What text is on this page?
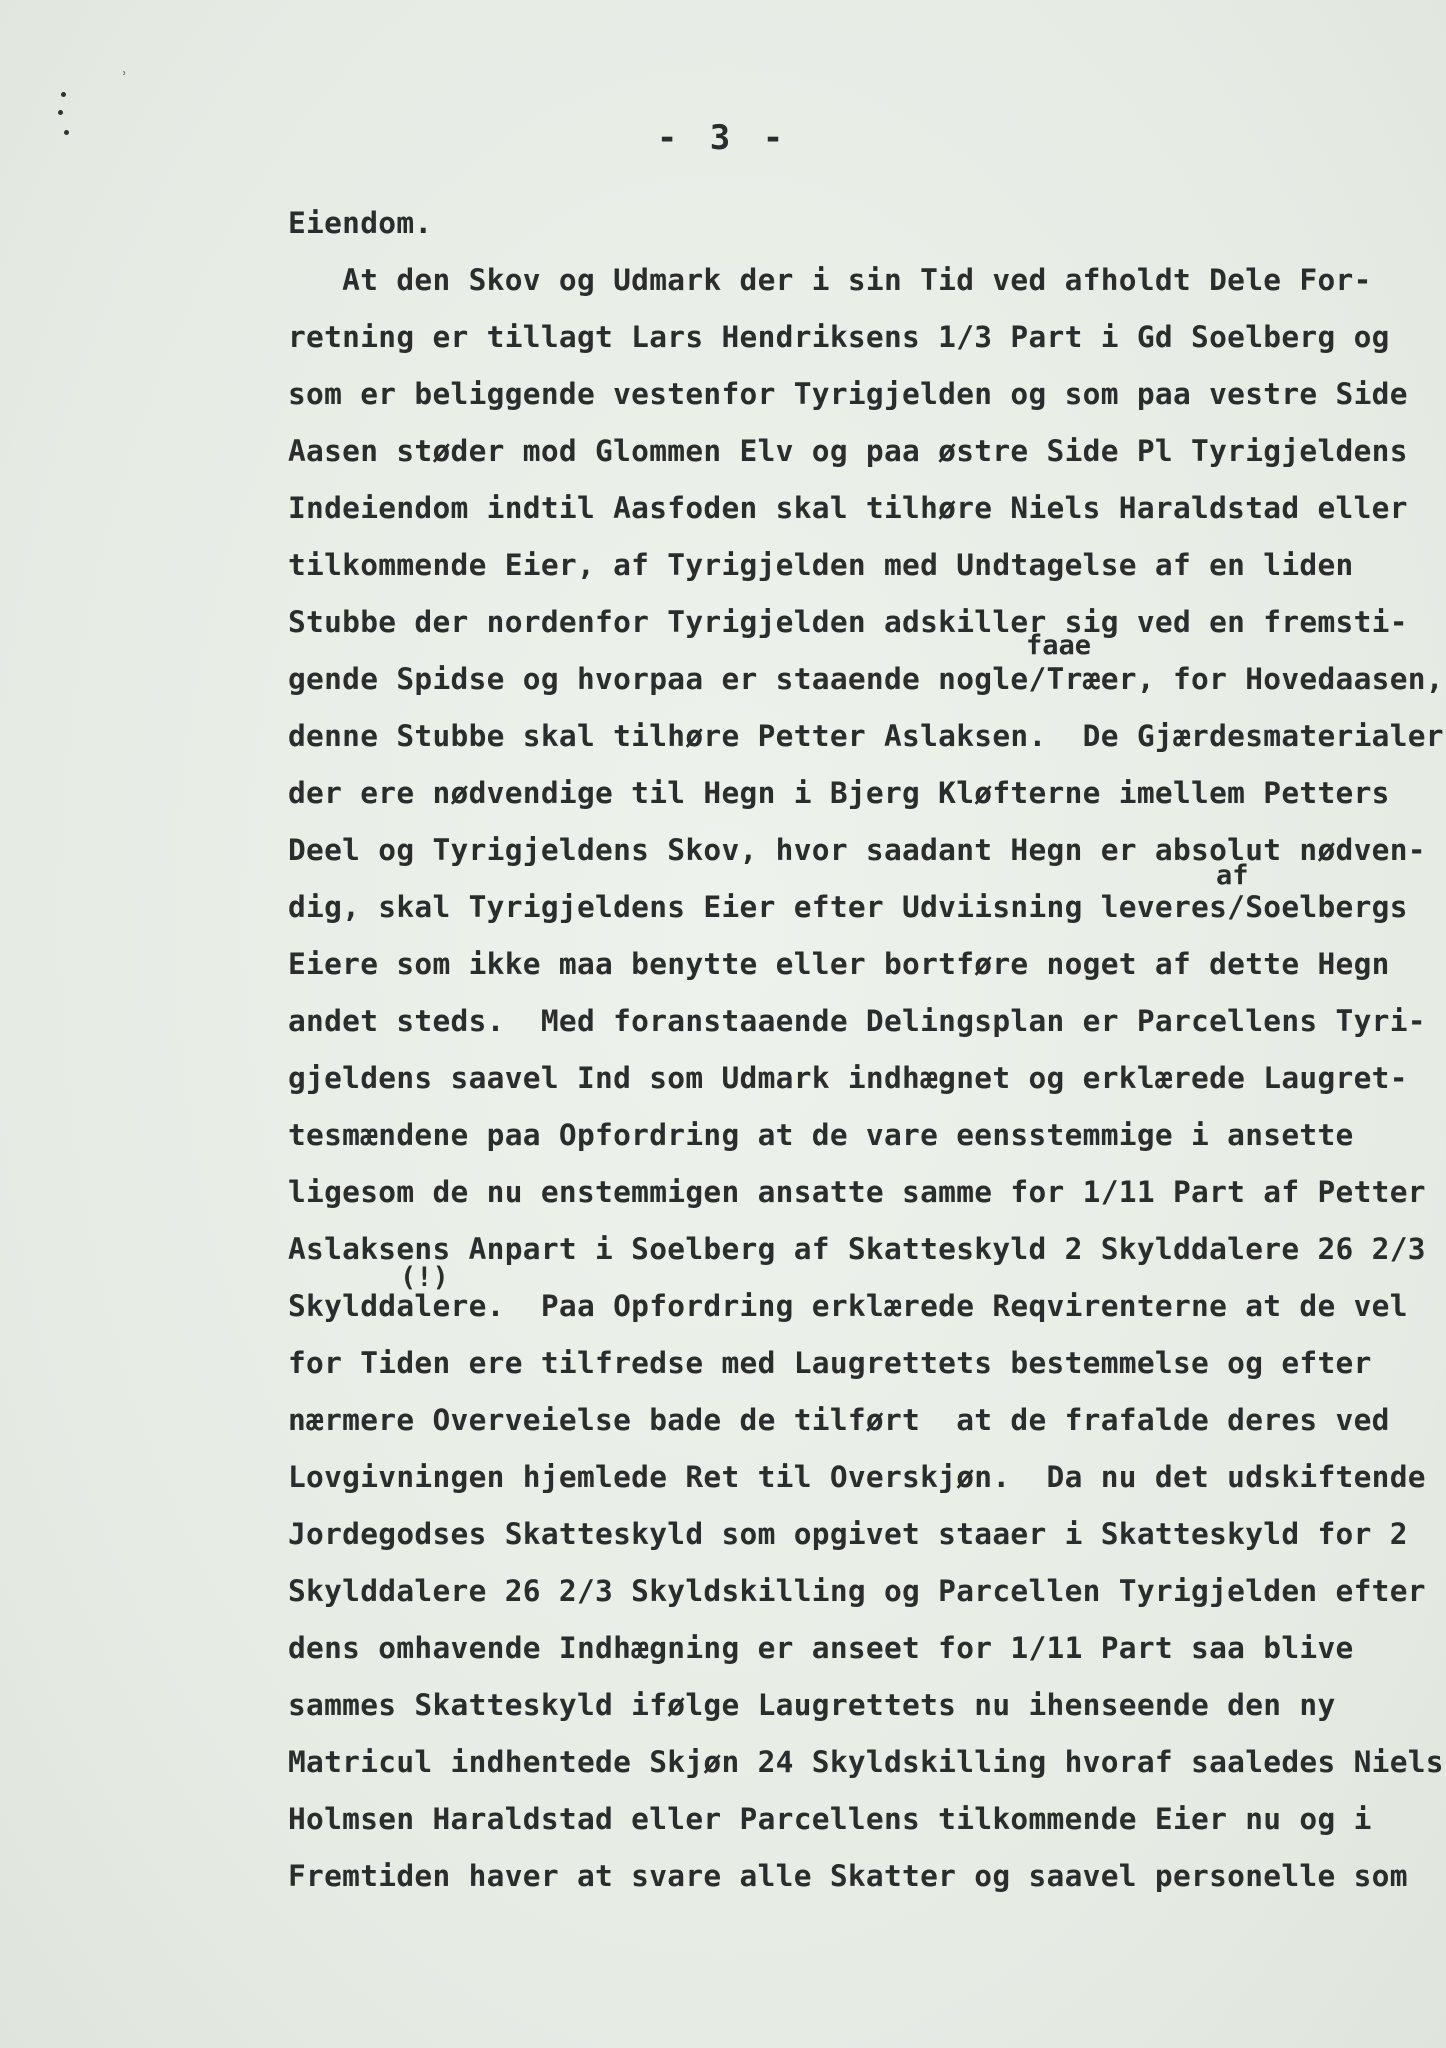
ʾ
- 3 -
Eiendom.
At den Skov og Udmark der i sin Tid ved afholdt Dele For-
retning er tillagt Lars Hendriksens 1/3 Part i Gd Soelberg og
som er beliggende vestenfor Tyrigjelden og som paa vestre Side
Aasen støder mod Glommen Elv og paa østre Side Pl Tyrigjeldens
Indeiendom indtil Aasfoden skal tilhøre Niels Haraldstad eller
tilkommende Eier, af Tyrigjelden med Undtagelse af en liden
Stubbe der nordenfor Tyrigjelden adskiller sig ved en fremsti-
faae
gende Spidse og hvorpaa er staaende nogle/Træer, for Hovedaasen,
denne Stubbe skal tilhøre Petter Aslaksen.  De Gjærdesmaterialer
der ere nødvendige til Hegn i Bjerg Kløfterne imellem Petters
Deel og Tyrigjeldens Skov, hvor saadant Hegn er absolut nødven-
af
dig, skal Tyrigjeldens Eier efter Udviisning leveres/Soelbergs
Eiere som ikke maa benytte eller bortføre noget af dette Hegn
andet steds.  Med foranstaaende Delingsplan er Parcellens Tyri-
gjeldens saavel Ind som Udmark indhægnet og erklærede Laugret-
tesmændene paa Opfordring at de vare eensstemmige i ansette
ligesom de nu enstemmigen ansatte samme for 1/11 Part af Petter
Aslaksens Anpart i Soelberg af Skatteskyld 2 Skylddalere 26 2/3
(!)
Skylddalere.  Paa Opfordring erklærede Reqvirenterne at de vel
for Tiden ere tilfredse med Laugrettets bestemmelse og efter
nærmere Overveielse bade de tilført  at de frafalde deres ved
Lovgivningen hjemlede Ret til Overskjøn.  Da nu det udskiftende
Jordegodses Skatteskyld som opgivet staaer i Skatteskyld for 2
Skylddalere 26 2/3 Skyldskilling og Parcellen Tyrigjelden efter
dens omhavende Indhægning er anseet for 1/11 Part saa blive
sammes Skatteskyld ifølge Laugrettets nu ihenseende den ny
Matricul indhentede Skjøn 24 Skyldskilling hvoraf saaledes Niels
Holmsen Haraldstad eller Parcellens tilkommende Eier nu og i
Fremtiden haver at svare alle Skatter og saavel personelle som
